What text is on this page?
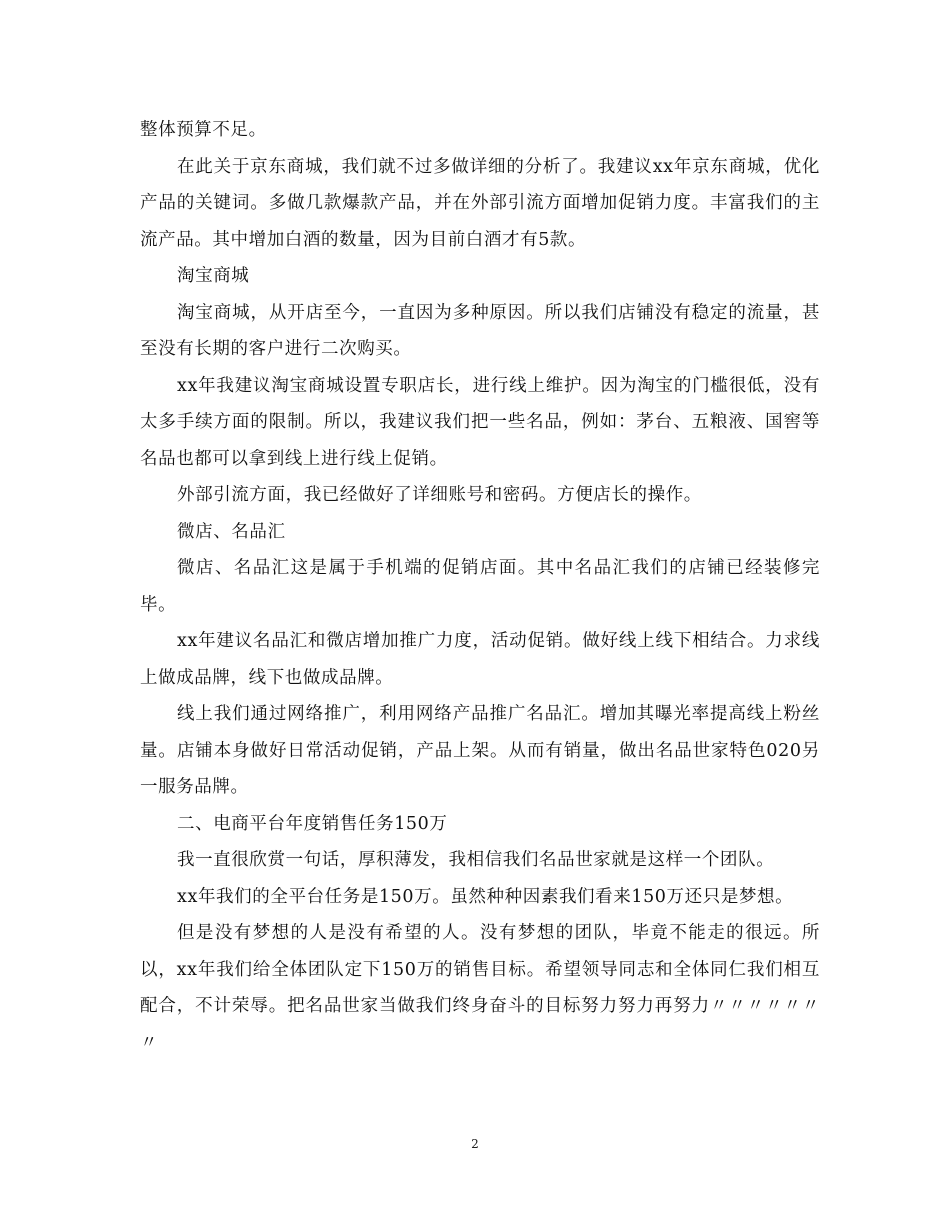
整体预算不足。

在此关于京东商城，我们就不过多做详细的分析了。我建议xx年京东商城，优化产品的关键词。多做几款爆款产品，并在外部引流方面增加促销力度。丰富我们的主流产品。其中增加白酒的数量，因为目前白酒才有5款。

淘宝商城

淘宝商城，从开店至今，一直因为多种原因。所以我们店铺没有稳定的流量，甚至没有长期的客户进行二次购买。

xx年我建议淘宝商城设置专职店长，进行线上维护。因为淘宝的门槛很低，没有太多手续方面的限制。所以，我建议我们把一些名品，例如：茅台、五粮液、国窖等名品也都可以拿到线上进行线上促销。

外部引流方面，我已经做好了详细账号和密码。方便店长的操作。

微店、名品汇

微店、名品汇这是属于手机端的促销店面。其中名品汇我们的店铺已经装修完毕。

xx年建议名品汇和微店增加推广力度，活动促销。做好线上线下相结合。力求线上做成品牌，线下也做成品牌。

线上我们通过网络推广，利用网络产品推广名品汇。增加其曝光率提高线上粉丝量。店铺本身做好日常活动促销，产品上架。从而有销量，做出名品世家特色020另一服务品牌。

二、电商平台年度销售任务150万

我一直很欣赏一句话，厚积薄发，我相信我们名品世家就是这样一个团队。

xx年我们的全平台任务是150万。虽然种种因素我们看来150万还只是梦想。

但是没有梦想的人是没有希望的人。没有梦想的团队，毕竟不能走的很远。所以，xx年我们给全体团队定下150万的销售目标。希望领导同志和全体同仁我们相互配合，不计荣辱。把名品世家当做我们终身奋斗的目标努力努力再努力〃〃〃〃〃〃〃

2
